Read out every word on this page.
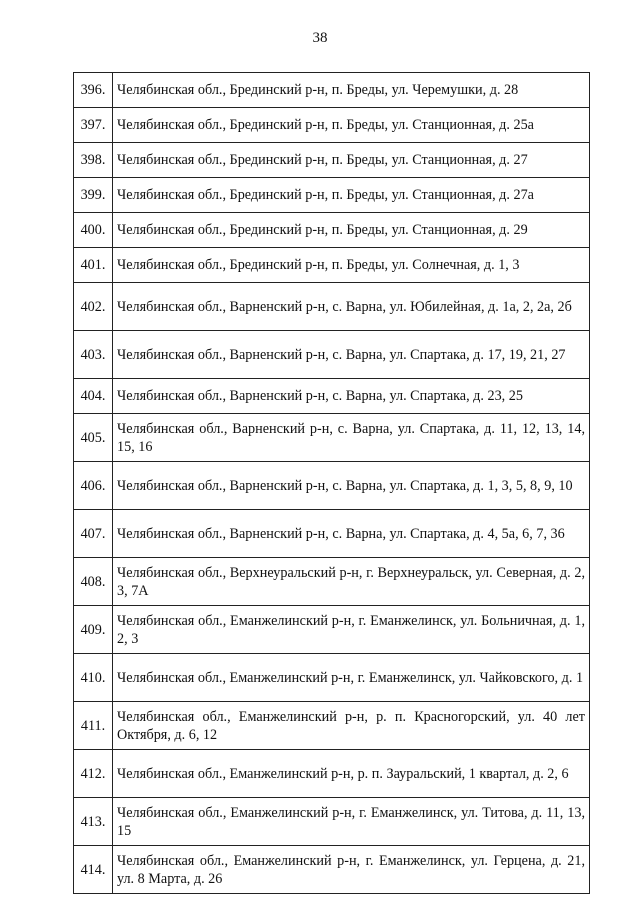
38
396.	Челябинская обл., Брединский р-н, п. Бреды, ул. Черемушки, д. 28
397.	Челябинская обл., Брединский р-н, п. Бреды, ул. Станционная, д. 25а
398.	Челябинская обл., Брединский р-н, п. Бреды, ул. Станционная, д. 27
399.	Челябинская обл., Брединский р-н, п. Бреды, ул. Станционная, д. 27а
400.	Челябинская обл., Брединский р-н, п. Бреды, ул. Станционная, д. 29
401.	Челябинская обл., Брединский р-н, п. Бреды, ул. Солнечная, д. 1, 3
402.	Челябинская обл., Варненский р-н, с. Варна, ул. Юбилейная, д. 1а, 2, 2а, 2б
403.	Челябинская обл., Варненский р-н, с. Варна, ул. Спартака, д. 17, 19, 21, 27
404.	Челябинская обл., Варненский р-н, с. Варна, ул. Спартака, д. 23, 25
405.	Челябинская обл., Варненский р-н, с. Варна, ул. Спартака, д. 11, 12, 13, 14, 15, 16
406.	Челябинская обл., Варненский р-н, с. Варна, ул. Спартака, д. 1, 3, 5, 8, 9, 10
407.	Челябинская обл., Варненский р-н, с. Варна, ул. Спартака, д. 4, 5а, 6, 7, 36
408.	Челябинская обл., Верхнеуральский р-н, г. Верхнеуральск, ул. Северная, д. 2, 3, 7А
409.	Челябинская обл., Еманжелинский р-н, г. Еманжелинск, ул. Больничная, д. 1, 2, 3
410.	Челябинская обл., Еманжелинский р-н, г. Еманжелинск, ул. Чайковского, д. 1
411.	Челябинская обл., Еманжелинский р-н, р. п. Красногорский, ул. 40 лет Октября, д. 6, 12
412.	Челябинская обл., Еманжелинский р-н, р. п. Зауральский, 1 квартал, д. 2, 6
413.	Челябинская обл., Еманжелинский р-н, г. Еманжелинск, ул. Титова, д. 11, 13, 15
414.	Челябинская обл., Еманжелинский р-н, г. Еманжелинск, ул. Герцена, д. 21, ул. 8 Марта, д. 26
